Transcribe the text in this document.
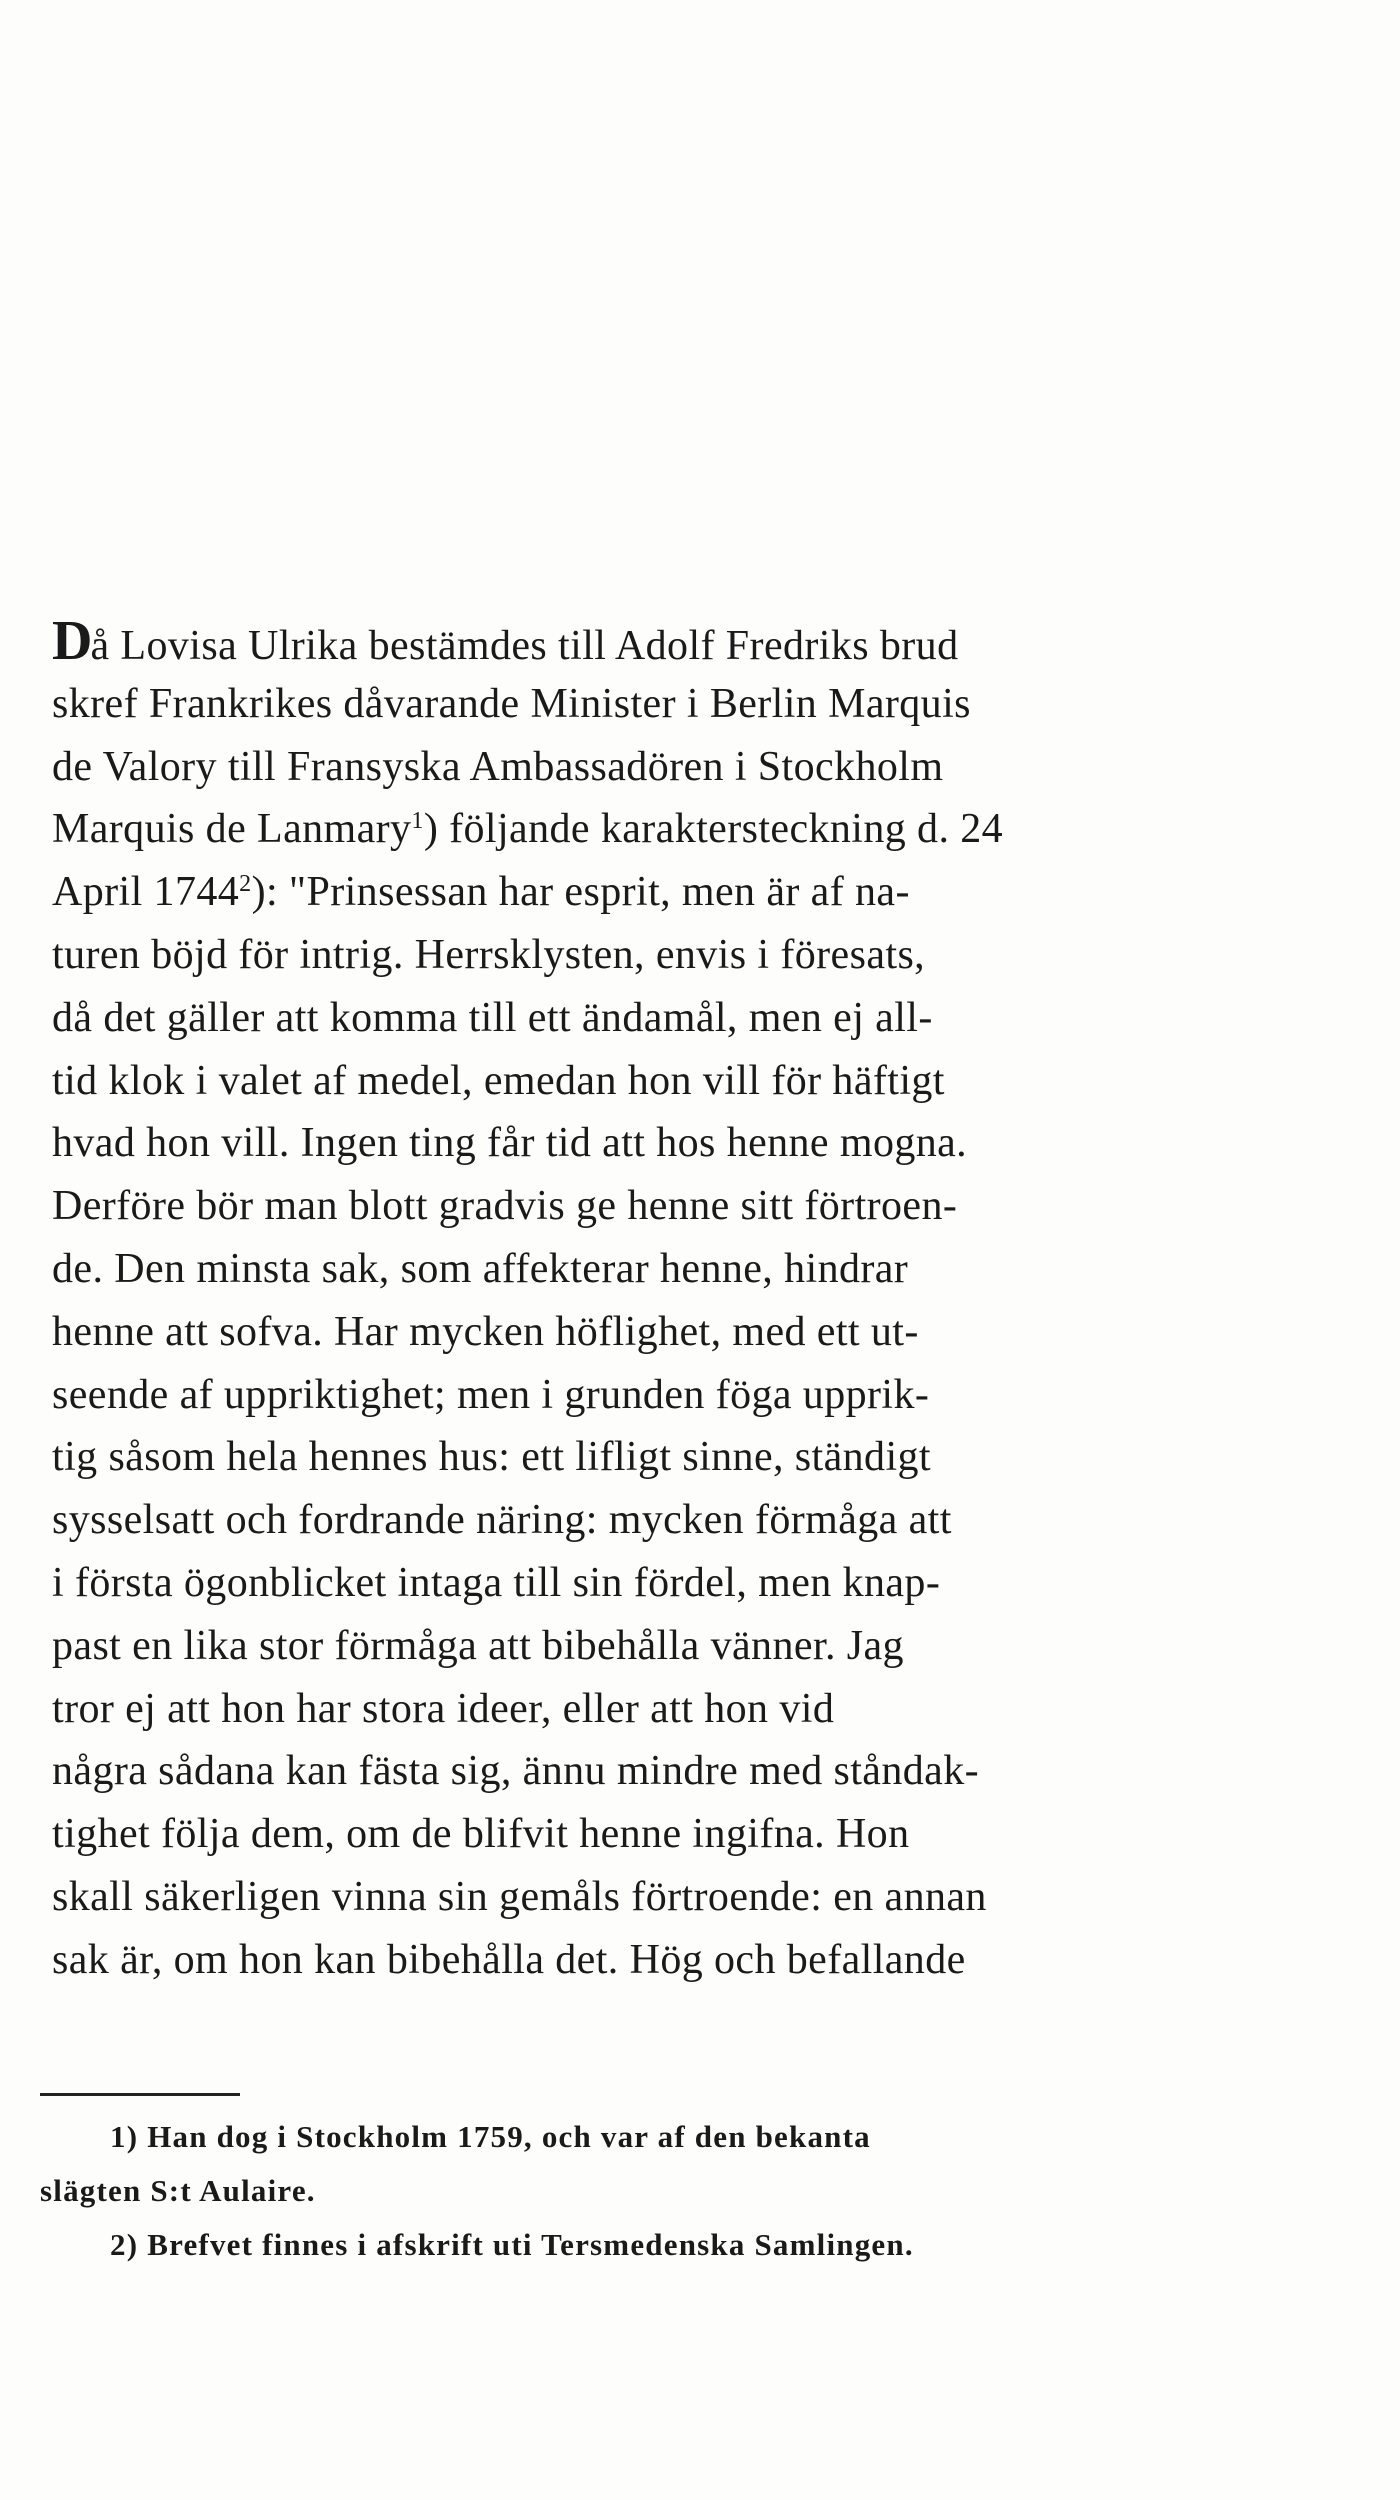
Då Lovisa Ulrika bestämdes till Adolf Fredriks brud
skref Frankrikes dåvarande Minister i Berlin Marquis
de Valory till Fransyska Ambassadören i Stockholm
Marquis de Lanmary$^1$) följande karaktersteckning d. 24
April 1744$^2$): "Prinsessan har esprit, men är af na-
turen böjd för intrig. Herrsklysten, envis i föresats,
då det gäller att komma till ett ändamål, men ej all-
tid klok i valet af medel, emedan hon vill för häftigt
hvad hon vill. Ingen ting får tid att hos henne mogna.
Derföre bör man blott gradvis ge henne sitt förtroen-
de. Den minsta sak, som affekterar henne, hindrar
henne att sofva. Har mycken höflighet, med ett ut-
seende af uppriktighet; men i grunden föga upprik-
tig såsom hela hennes hus: ett lifligt sinne, ständigt
sysselsatt och fordrande näring: mycken förmåga att
i första ögonblicket intaga till sin fördel, men knap-
past en lika stor förmåga att bibehålla vänner. Jag
tror ej att hon har stora ideer, eller att hon vid
några sådana kan fästa sig, ännu mindre med ståndak-
tighet följa dem, om de blifvit henne ingifna. Hon
skall säkerligen vinna sin gemåls förtroende: en annan
sak är, om hon kan bibehålla det. Hög och befallande
1) Han dog i Stockholm 1759, och var af den bekanta
slägten S:t Aulaire.
2) Brefvet finnes i afskrift uti Tersmedenska Samlingen.
